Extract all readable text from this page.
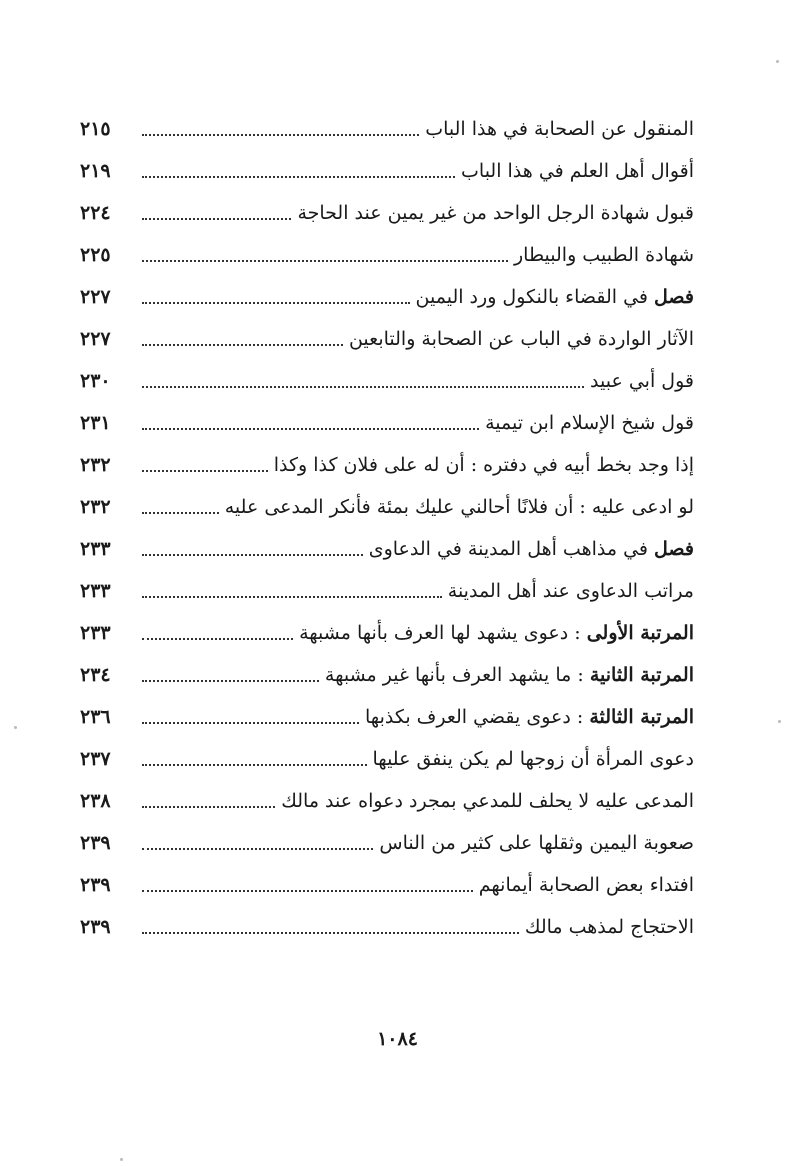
المنقول عن الصحابة في هذا الباب
٢١٥
أقوال أهل العلم في هذا الباب
٢١٩
قبول شهادة الرجل الواحد من غير يمين عند الحاجة
٢٢٤
شهادة الطبيب والبيطار
٢٢٥
فصل في القضاء بالنكول ورد اليمين
٢٢٧
الآثار الواردة في الباب عن الصحابة والتابعين
٢٢٧
قول أبي عبيد
٢٣٠
قول شيخ الإسلام ابن تيمية
٢٣١
إذا وجد بخط أبيه في دفتره : أن له على فلان كذا وكذا
٢٣٢
لو ادعى عليه : أن فلانًا أحالني عليك بمئة فأنكر المدعى عليه
٢٣٢
فصل في مذاهب أهل المدينة في الدعاوى
٢٣٣
مراتب الدعاوى عند أهل المدينة
٢٣٣
المرتبة الأولى : دعوى يشهد لها العرف بأنها مشبهة
٢٣٣
المرتبة الثانية : ما يشهد العرف بأنها غير مشبهة
٢٣٤
المرتبة الثالثة : دعوى يقضي العرف بكذبها
٢٣٦
دعوى المرأة أن زوجها لم يكن ينفق عليها
٢٣٧
المدعى عليه لا يحلف للمدعي بمجرد دعواه عند مالك
٢٣٨
صعوبة اليمين وثقلها على كثير من الناس
٢٣٩
افتداء بعض الصحابة أيمانهم
٢٣٩
الاحتجاج لمذهب مالك
٢٣٩
١٠٨٤
